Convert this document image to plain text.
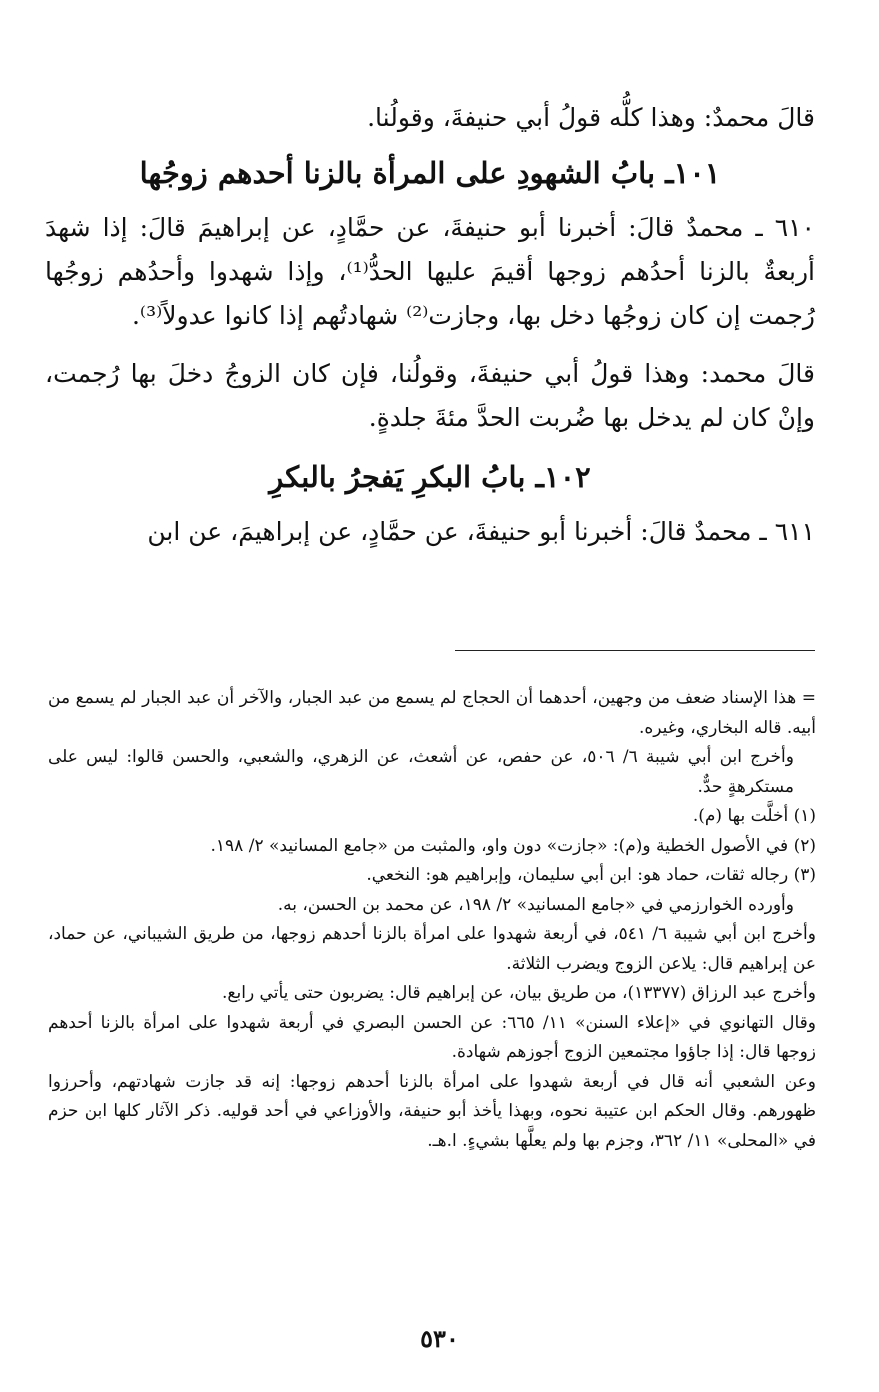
قالَ محمدٌ: وهذا كلُّه قولُ أبي حنيفةَ، وقولُنا.

١٠١ـ بابُ الشهودِ على المرأة بالزنا أحدهم زوجُها

٦١٠ ـ محمدٌ قالَ: أخبرنا أبو حنيفةَ، عن حمَّادٍ، عن إبراهيمَ قالَ: إذا شهدَ أربعةٌ بالزنا أحدُهم زوجها أقيمَ عليها الحدُّ⁽¹⁾، وإذا شهدوا وأحدُهم زوجُها رُجمت إن كان زوجُها دخل بها، وجازت⁽²⁾ شهادتُهم إذا كانوا عدولاً⁽³⁾.

قالَ محمد: وهذا قولُ أبي حنيفةَ، وقولُنا، فإن كان الزوجُ دخلَ بها رُجمت، وإنْ كان لم يدخل بها ضُربت الحدَّ مئةَ جلدةٍ.

١٠٢ـ بابُ البكرِ يَفجرُ بالبكرِ

٦١١ ـ محمدٌ قالَ: أخبرنا أبو حنيفةَ، عن حمَّادٍ، عن إبراهيمَ، عن ابن

= هذا الإسناد ضعف من وجهين، أحدهما أن الحجاج لم يسمع من عبد الجبار، والآخر أن عبد الجبار لم يسمع من أبيه. قاله البخاري، وغيره.

وأخرج ابن أبي شيبة ٦/ ٥٠٦، عن حفص، عن أشعث، عن الزهري، والشعبي، والحسن قالوا: ليس على مستكرهةٍ حدٌّ.

(١) أخلَّت بها (م).

(٢) في الأصول الخطية و(م): «جازت» دون واو، والمثبت من «جامع المسانيد» ٢/ ١٩٨.

(٣) رجاله ثقات، حماد هو: ابن أبي سليمان، وإبراهيم هو: النخعي.

وأورده الخوارزمي في «جامع المسانيد» ٢/ ١٩٨، عن محمد بن الحسن، به.

وأخرج ابن أبي شيبة ٦/ ٥٤١، في أربعة شهدوا على امرأة بالزنا أحدهم زوجها، من طريق الشيباني، عن حماد، عن إبراهيم قال: يلاعن الزوج ويضرب الثلاثة.

وأخرج عبد الرزاق (١٣٣٧٧)، من طريق بيان، عن إبراهيم قال: يضربون حتى يأتي رابع.

وقال التهانوي في «إعلاء السنن» ١١/ ٦٦٥: عن الحسن البصري في أربعة شهدوا على امرأة بالزنا أحدهم زوجها قال: إذا جاؤوا مجتمعين الزوج أجوزهم شهادة.

وعن الشعبي أنه قال في أربعة شهدوا على امرأة بالزنا أحدهم زوجها: إنه قد جازت شهادتهم، وأحرزوا ظهورهم. وقال الحكم ابن عتيبة نحوه، وبهذا يأخذ أبو حنيفة، والأوزاعي في أحد قوليه. ذكر الآثار كلها ابن حزم في «المحلى» ١١/ ٣٦٢، وجزم بها ولم يعلَّها بشيءٍ. ا.هـ.

٥٣٠
